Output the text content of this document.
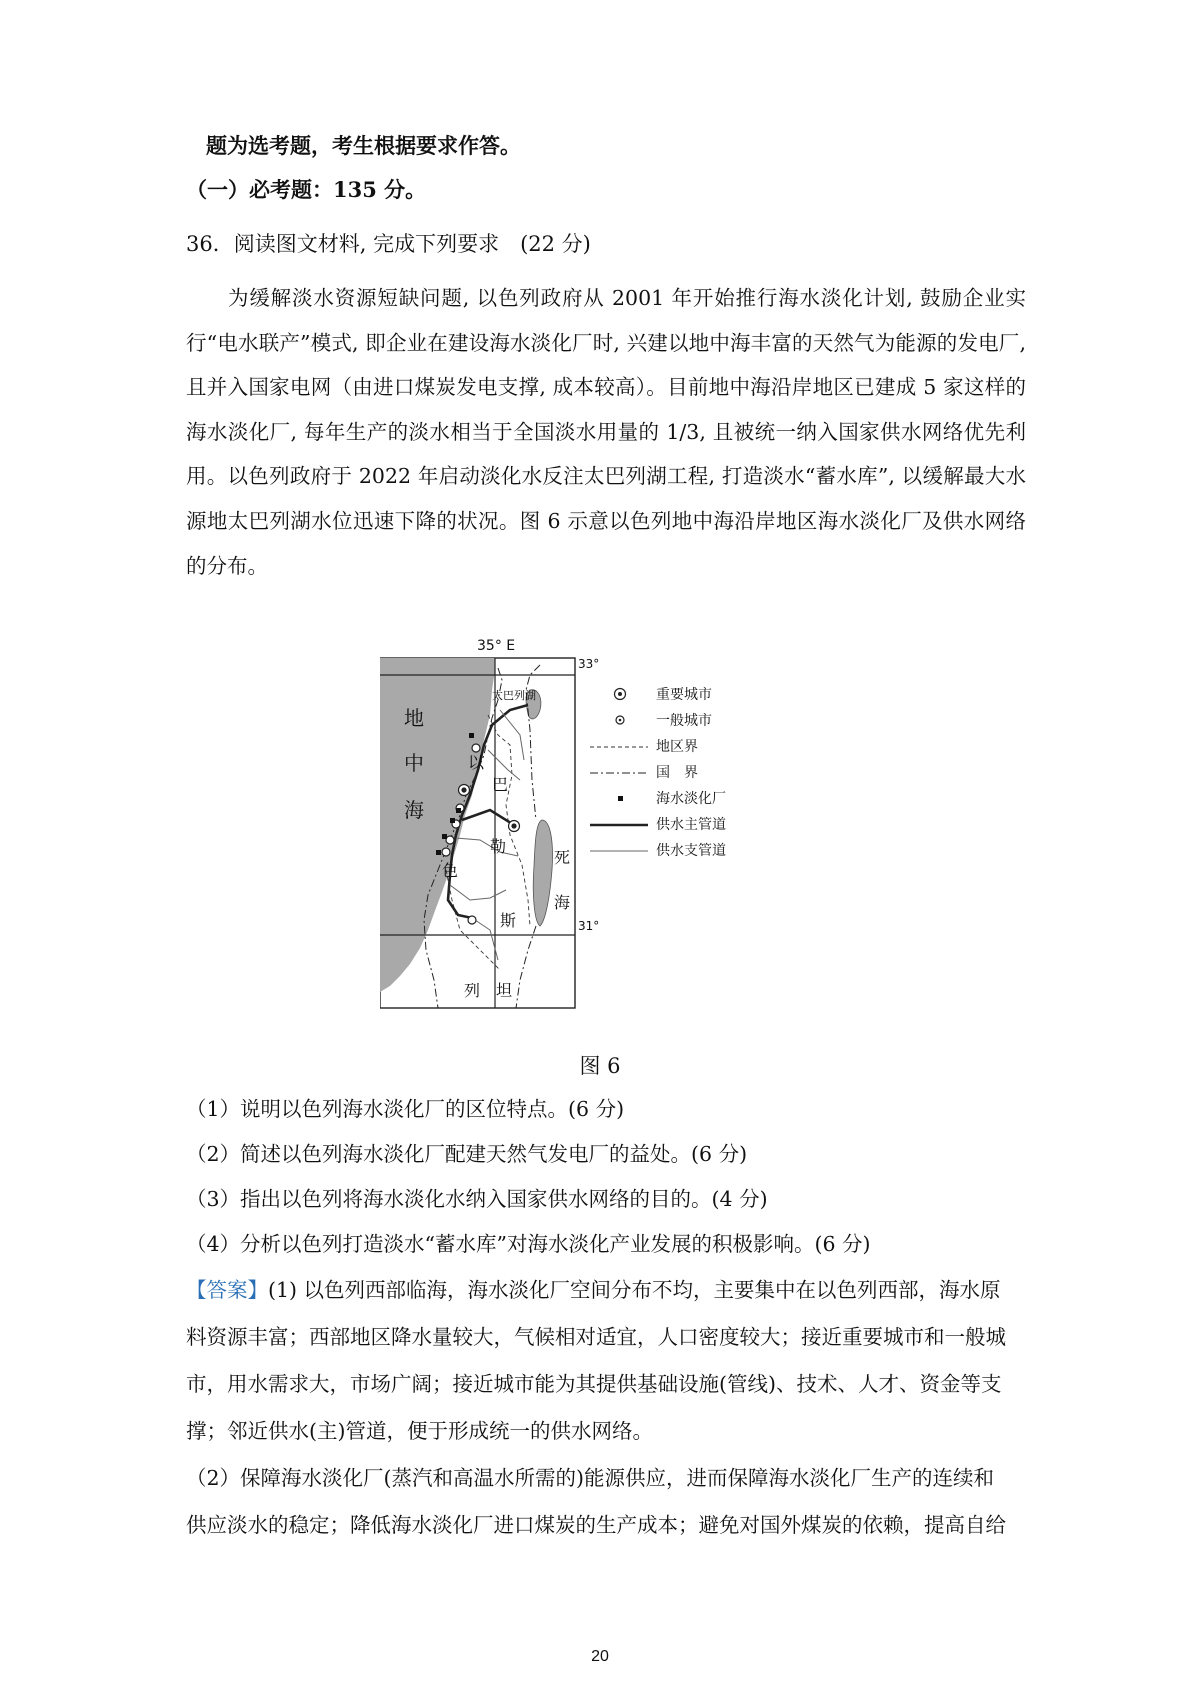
题为选考题，考生根据要求作答。
（一）必考题：135 分。
36．阅读图文材料, 完成下列要求　(22 分)
为缓解淡水资源短缺问题, 以色列政府从 2001 年开始推行海水淡化计划, 鼓励企业实行“电水联产”模式, 即企业在建设海水淡化厂时, 兴建以地中海丰富的天然气为能源的发电厂, 且并入国家电网（由进口煤炭发电支撑, 成本较高）。目前地中海沿岸地区已建成 5 家这样的海水淡化厂, 每年生产的淡水相当于全国淡水用量的 1/3, 且被统一纳入国家供水网络优先利用。以色列政府于 2022 年启动淡化水反注太巴列湖工程, 打造淡水“蓄水库”, 以缓解最大水源地太巴列湖水位迅速下降的状况。图 6 示意以色列地中海沿岸地区海水淡化厂及供水网络的分布。
35° E
33°
31°
地
中
海
太巴列湖
以
巴
勒
色
斯
列 坦
死
海
重要城市
一般城市
地区界
国　界
海水淡化厂
供水主管道
供水支管道
图 6
（1）说明以色列海水淡化厂的区位特点。(6 分)
（2）简述以色列海水淡化厂配建天然气发电厂的益处。(6 分)
（3）指出以色列将海水淡化水纳入国家供水网络的目的。(4 分)
（4）分析以色列打造淡水“蓄水库”对海水淡化产业发展的积极影响。(6 分)
【答案】(1) 以色列西部临海，海水淡化厂空间分布不均，主要集中在以色列西部，海水原
料资源丰富；西部地区降水量较大，气候相对适宜，人口密度较大；接近重要城市和一般城
市，用水需求大，市场广阔；接近城市能为其提供基础设施(管线)、技术、人才、资金等支
撑；邻近供水(主)管道，便于形成统一的供水网络。
（2）保障海水淡化厂(蒸汽和高温水所需的)能源供应，进而保障海水淡化厂生产的连续和
供应淡水的稳定；降低海水淡化厂进口煤炭的生产成本；避免对国外煤炭的依赖，提高自给
20
